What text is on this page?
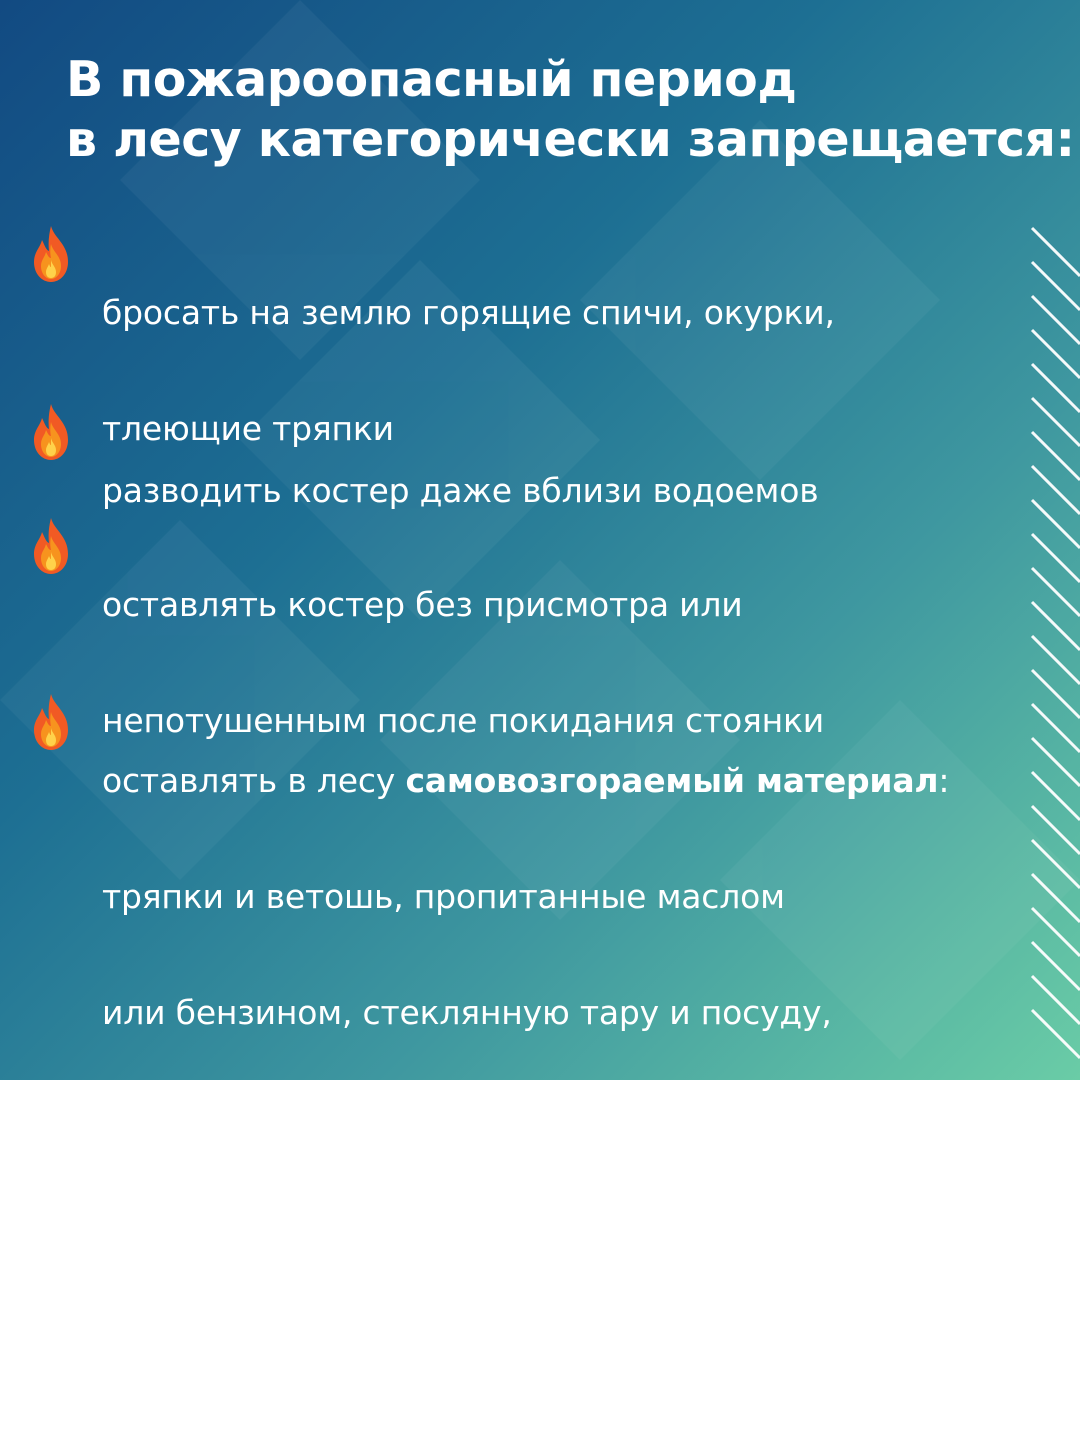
В пожароопасный период
в лесу категорически запрещается:

бросать на землю горящие спичи, окурки,

тлеющие тряпки

разводить костер даже вблизи водоемов

оставлять костер без присмотра или

непотушенным после покидания стоянки

оставлять в лесу самовозгораемый материал:

тряпки и ветошь, пропитанные маслом

или бензином, стеклянную тару и посуду,

которая в солнечную погоду может

сфокусировать солнечный луч и воспламенить

сухую растительность
